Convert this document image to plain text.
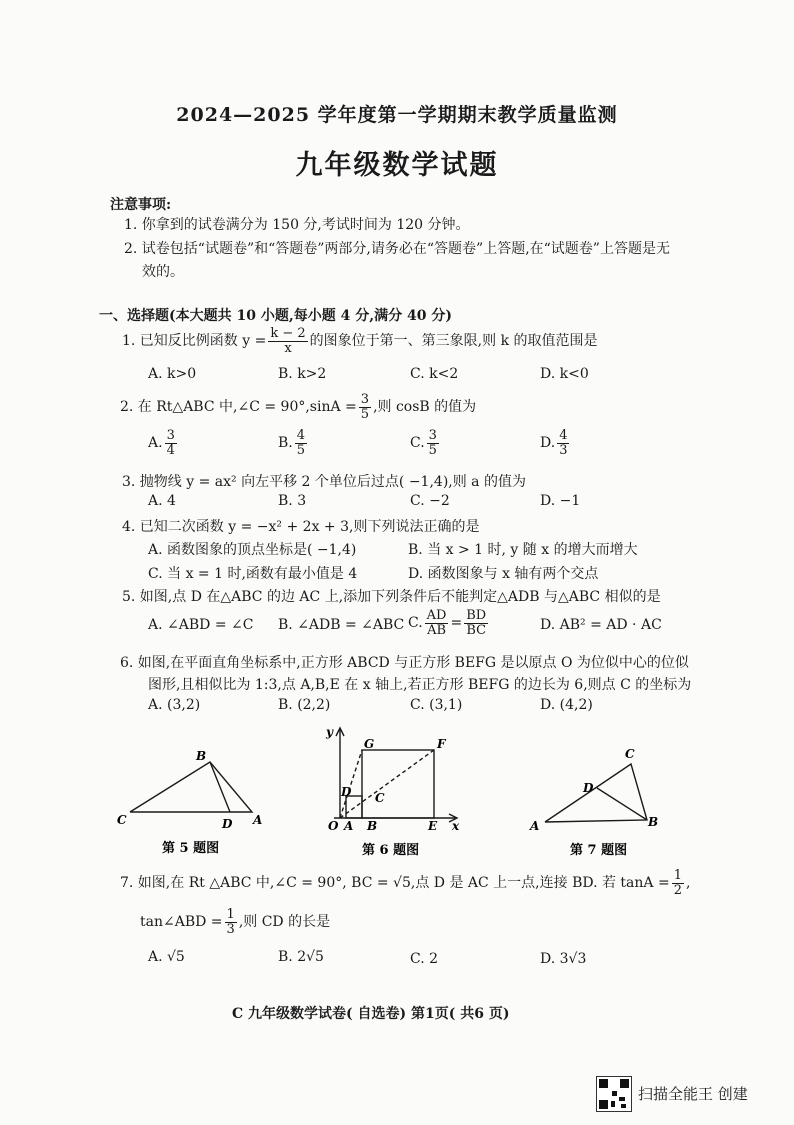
2024—2025 学年度第一学期期末教学质量监测
九年级数学试题
注意事项:
1. 你拿到的试卷满分为 150 分,考试时间为 120 分钟。
2. 试卷包括“试题卷”和“答题卷”两部分,请务必在“答题卷”上答题,在“试题卷”上答题是无
效的。
一、选择题(本大题共 10 小题,每小题 4 分,满分 40 分)
1. 已知反比例函数 $y = \frac{k - 2}{x}$ 的图象位于第一、第三象限,则 k 的取值范围是
A. k>0	B. k>2	C. k<2	D. k<0
2. 在 Rt△ABC 中,∠C = $90^\circ,\sin A = \frac{3}{5}$ ,则 cosB 的值为
A. $\frac{3}{4}$	B. $\frac{4}{5}$	C. $\frac{3}{5}$	D. $\frac{4}{3}$
3. 抛物线 y = ax² 向左平移 2 个单位后过点( −1,4),则 a 的值为
A. 4	B. 3	C. −2	D. −1
4. 已知二次函数 y = −x² + 2x + 3,则下列说法正确的是
A. 函数图象的顶点坐标是( −1,4)	B. 当 x > 1 时, y 随 x 的增大而增大
C. 当 x = 1 时,函数有最小值是 4	D. 函数图象与 x 轴有两个交点
5. 如图,点 D 在△ABC 的边 AC 上,添加下列条件后不能判定△ADB 与△ABC 相似的是
A. ∠ABD = ∠C B. ∠ADB = ∠ABC C. $\frac{AD}{AB} = \frac{BD}{BC}$	D. AB² = AD · AC
6. 如图,在平面直角坐标系中,正方形 ABCD 与正方形 BEFG 是以原点 O 为位似中心的位似
图形,且相似比为 1:3,点 A,B,E 在 x 轴上,若正方形 BEFG 的边长为 6,则点 C 的坐标为
A. (3,2)	B. (2,2)	C. (3,1)	D. (4,2)
B
C	D A
第 5 题图
y
x
O A B	E
C
D
G	F
第 6 题图
C
D
A	B
第 7 题图
7. 如图,在 Rt △ABC 中,∠C = 90°, BC = √5,点 D 是 AC 上一点,连接 BD. 若 $\tan A = \frac{1}{2}$ ,
tan∠ABD = $\frac{1}{3}$ ,则 CD 的长是
A. √5	B. 2√5	C. 2	D. 3√3
C 九年级数学试卷( 自选卷) 第1页( 共6 页)
扫描全能王 创建
